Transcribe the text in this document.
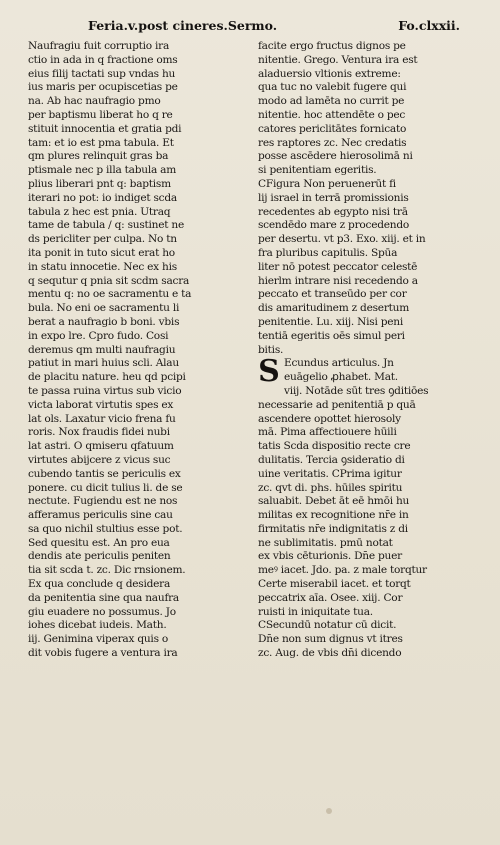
Feria.v.post cineres.Sermo.	Fo.clxxii.
Naufragiu fuit corruptio ira
ctio in ada in q fractione oms
eius filij tactati sup vndas hu
ius maris per ocupiscetias pe
na. Ab hac naufragio pmo
per baptismu liberat ho q re
stituit innocentia et gratia pdi
tam: et io est pma tabula. Et
qm plures relinquit gras ba
ptismale nec p illa tabula am
plius liberari pnt q: baptism
iterari no pot: io indiget scda
tabula z hec est pnia. Utraq
tame de tabula / q: sustinet ne
ds pericliter per culpa. No tn
ita ponit in tuto sicut erat ho
in statu innocetie. Nec ex his
q sequtur q pnia sit scdm sacra
mentu q: no oe sacramentu e ta
bula. No eni oe sacramentu li
berat a naufragio b boni. vbis
in expo lre. Cpro fudo. Cosi
deremus qm multi naufragiu
patiut in mari huius scli. Alau
de placitu nature. heu qd pcipi
te passa ruina virtus sub vicio
victa laborat virtutis spes ex
lat ols. Laxatur vicio frena fu
roris. Nox fraudis fidei nubi
lat astri. O qmiseru qfatuum
virtutes abijcere z vicus suc
cubendo tantis se periculis ex
ponere. cu dicit tulius li. de se
nectute. Fugiendu est ne nos
afferamus periculis sine cau
sa quo nichil stultius esse pot.
Sed quesitu est. An pro eua
dendis ate periculis peniten
tia sit scda t. zc. Dic rnsionem.
Ex qua conclude q desidera
da penitentia sine qua naufra
giu euadere no possumus. Jo
iohes dicebat iudeis. Math.
iij. Genimina viperax quis o
dit vobis fugere a ventura ira
facite ergo fructus dignos pe
nitentie. Grego. Ventura ira est
aladuersio vltionis extreme:
qua tuc no valebit fugere qui
modo ad lamēta no currit pe
nitentie. hoc attendēte o pec
catores periclitātes fornicato
res raptores zc. Nec credatis
posse ascēdere hierosolimā ni
si penitentiam egeritis.
CFigura Non peruenerūt fi
lij israel in terrā promissionis
recedentes ab egypto nisi trā
scendēdo mare z procedendo
per desertu. vt p3. Exo. xiij. et in
fra pluribus capitulis. Spūa
liter nō potest peccator celestē
hierlm intrare nisi recedendo a
peccato et transeūdo per cor
dis amaritudinem z desertum
penitentie. Lu. xiij. Nisi peni
tentiā egeritis oēs simul peri
bitis.
S Ecundus articulus. Jn
euāgelio ꝓhabet. Mat.
viij. Notāde sūt tres ꝯditiōes
necessarie ad penitentiā p quā
ascendere opottet hierosoly
mā. Pima affectiouere hūili
tatis Scda dispositio recte cre
dulitatis. Tercia ꝯsideratio di
uine veritatis. CPrima igitur
zc. qvt di. phs. hūiles spiritu
saluabit. Debet āt eē hmōi hu
militas ex recognitione nr̄e in
firmitatis nr̄e indignitatis z di
ne sublimitatis. pmū notat
ex vbis cēturionis. Dn̄e puer
meꝰ iacet. Jdo. pa. z male torqtur
Certe miserabil iacet. et torqt
peccatrix aīa. Osee. xiij. Cor
ruisti in iniquitate tua.
CSecundū notatur cū dicit.
Dn̄e non sum dignus vt itres
zc. Aug. de vbis dn̄i dicendo
